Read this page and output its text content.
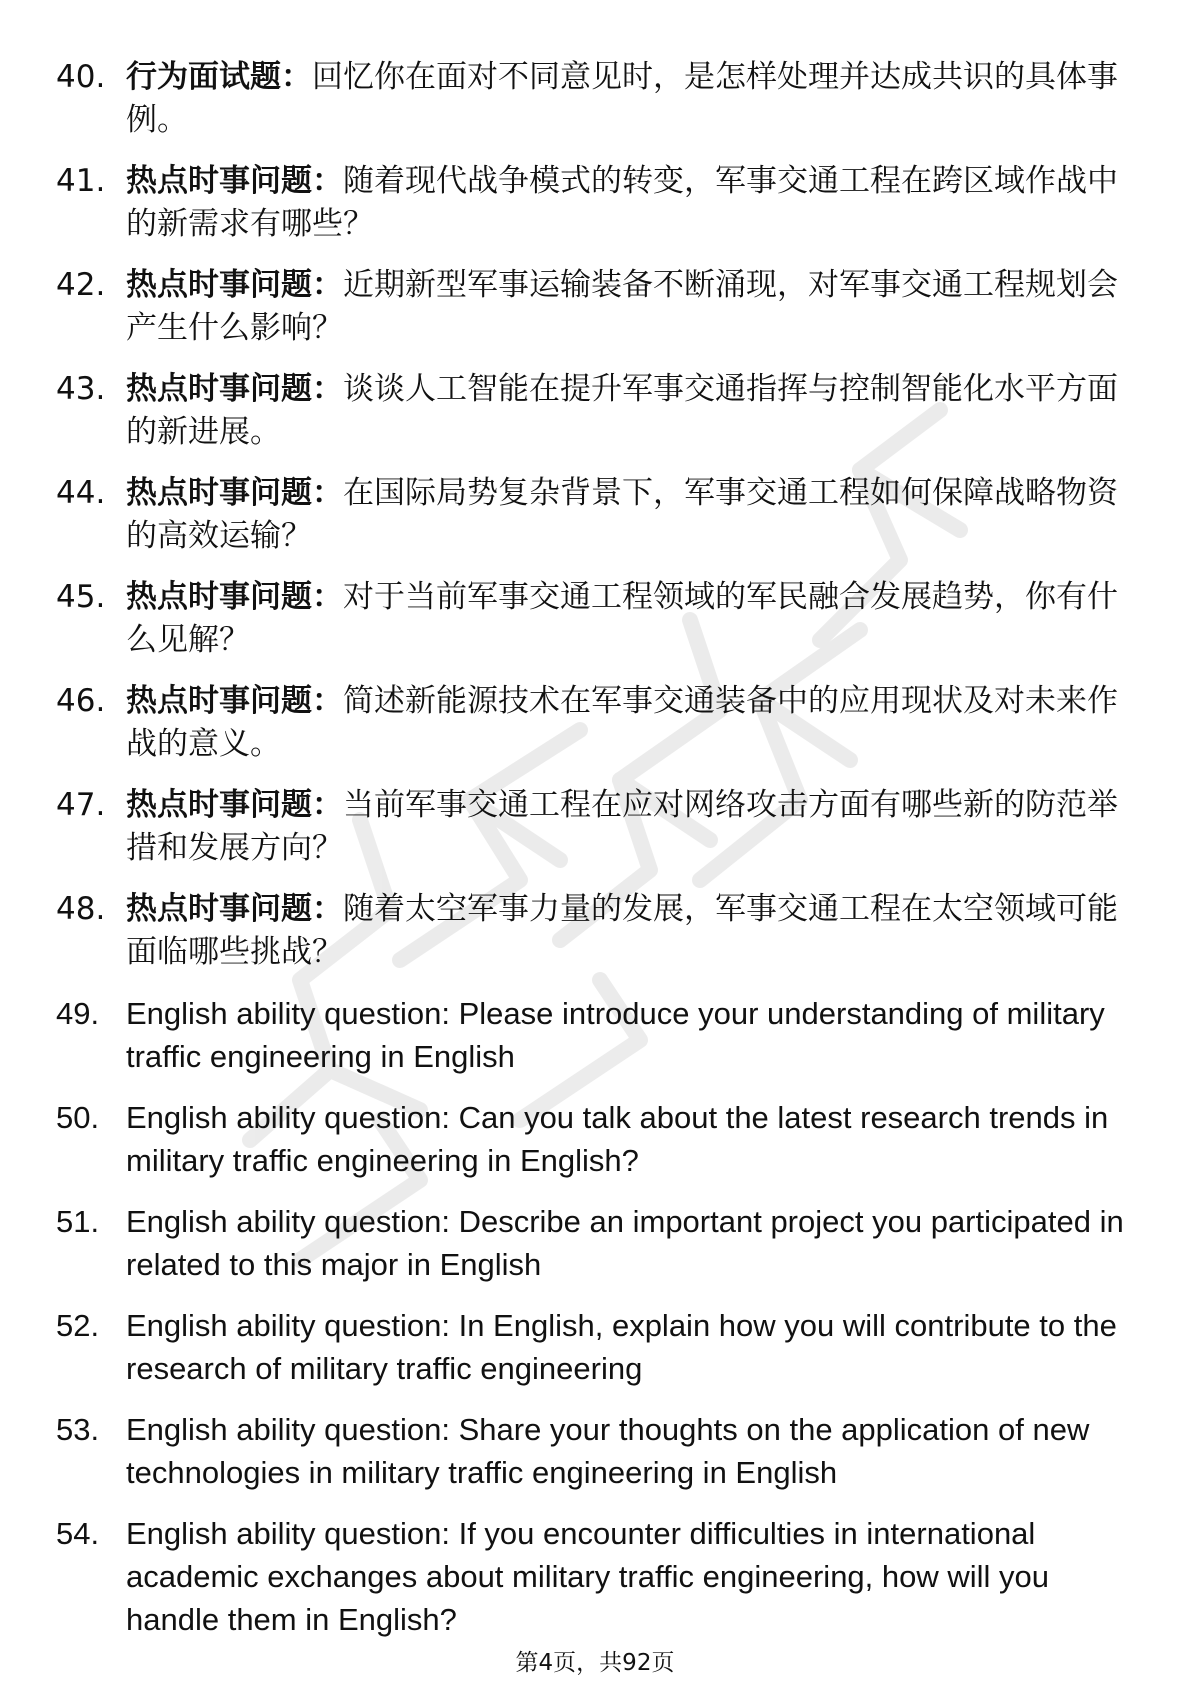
40. 行为面试题：回忆你在面对不同意见时，是怎样处理并达成共识的具体事例。
41. 热点时事问题：随着现代战争模式的转变，军事交通工程在跨区域作战中的新需求有哪些？
42. 热点时事问题：近期新型军事运输装备不断涌现，对军事交通工程规划会产生什么影响？
43. 热点时事问题：谈谈人工智能在提升军事交通指挥与控制智能化水平方面的新进展。
44. 热点时事问题：在国际局势复杂背景下，军事交通工程如何保障战略物资的高效运输？
45. 热点时事问题：对于当前军事交通工程领域的军民融合发展趋势，你有什么见解？
46. 热点时事问题：简述新能源技术在军事交通装备中的应用现状及对未来作战的意义。
47. 热点时事问题：当前军事交通工程在应对网络攻击方面有哪些新的防范举措和发展方向？
48. 热点时事问题：随着太空军事力量的发展，军事交通工程在太空领域可能面临哪些挑战？
49. English ability question: Please introduce your understanding of military traffic engineering in English
50. English ability question: Can you talk about the latest research trends in military traffic engineering in English?
51. English ability question: Describe an important project you participated in related to this major in English
52. English ability question: In English, explain how you will contribute to the research of military traffic engineering
53. English ability question: Share your thoughts on the application of new technologies in military traffic engineering in English
54. English ability question: If you encounter difficulties in international academic exchanges about military traffic engineering, how will you handle them in English?
第4页，共92页
